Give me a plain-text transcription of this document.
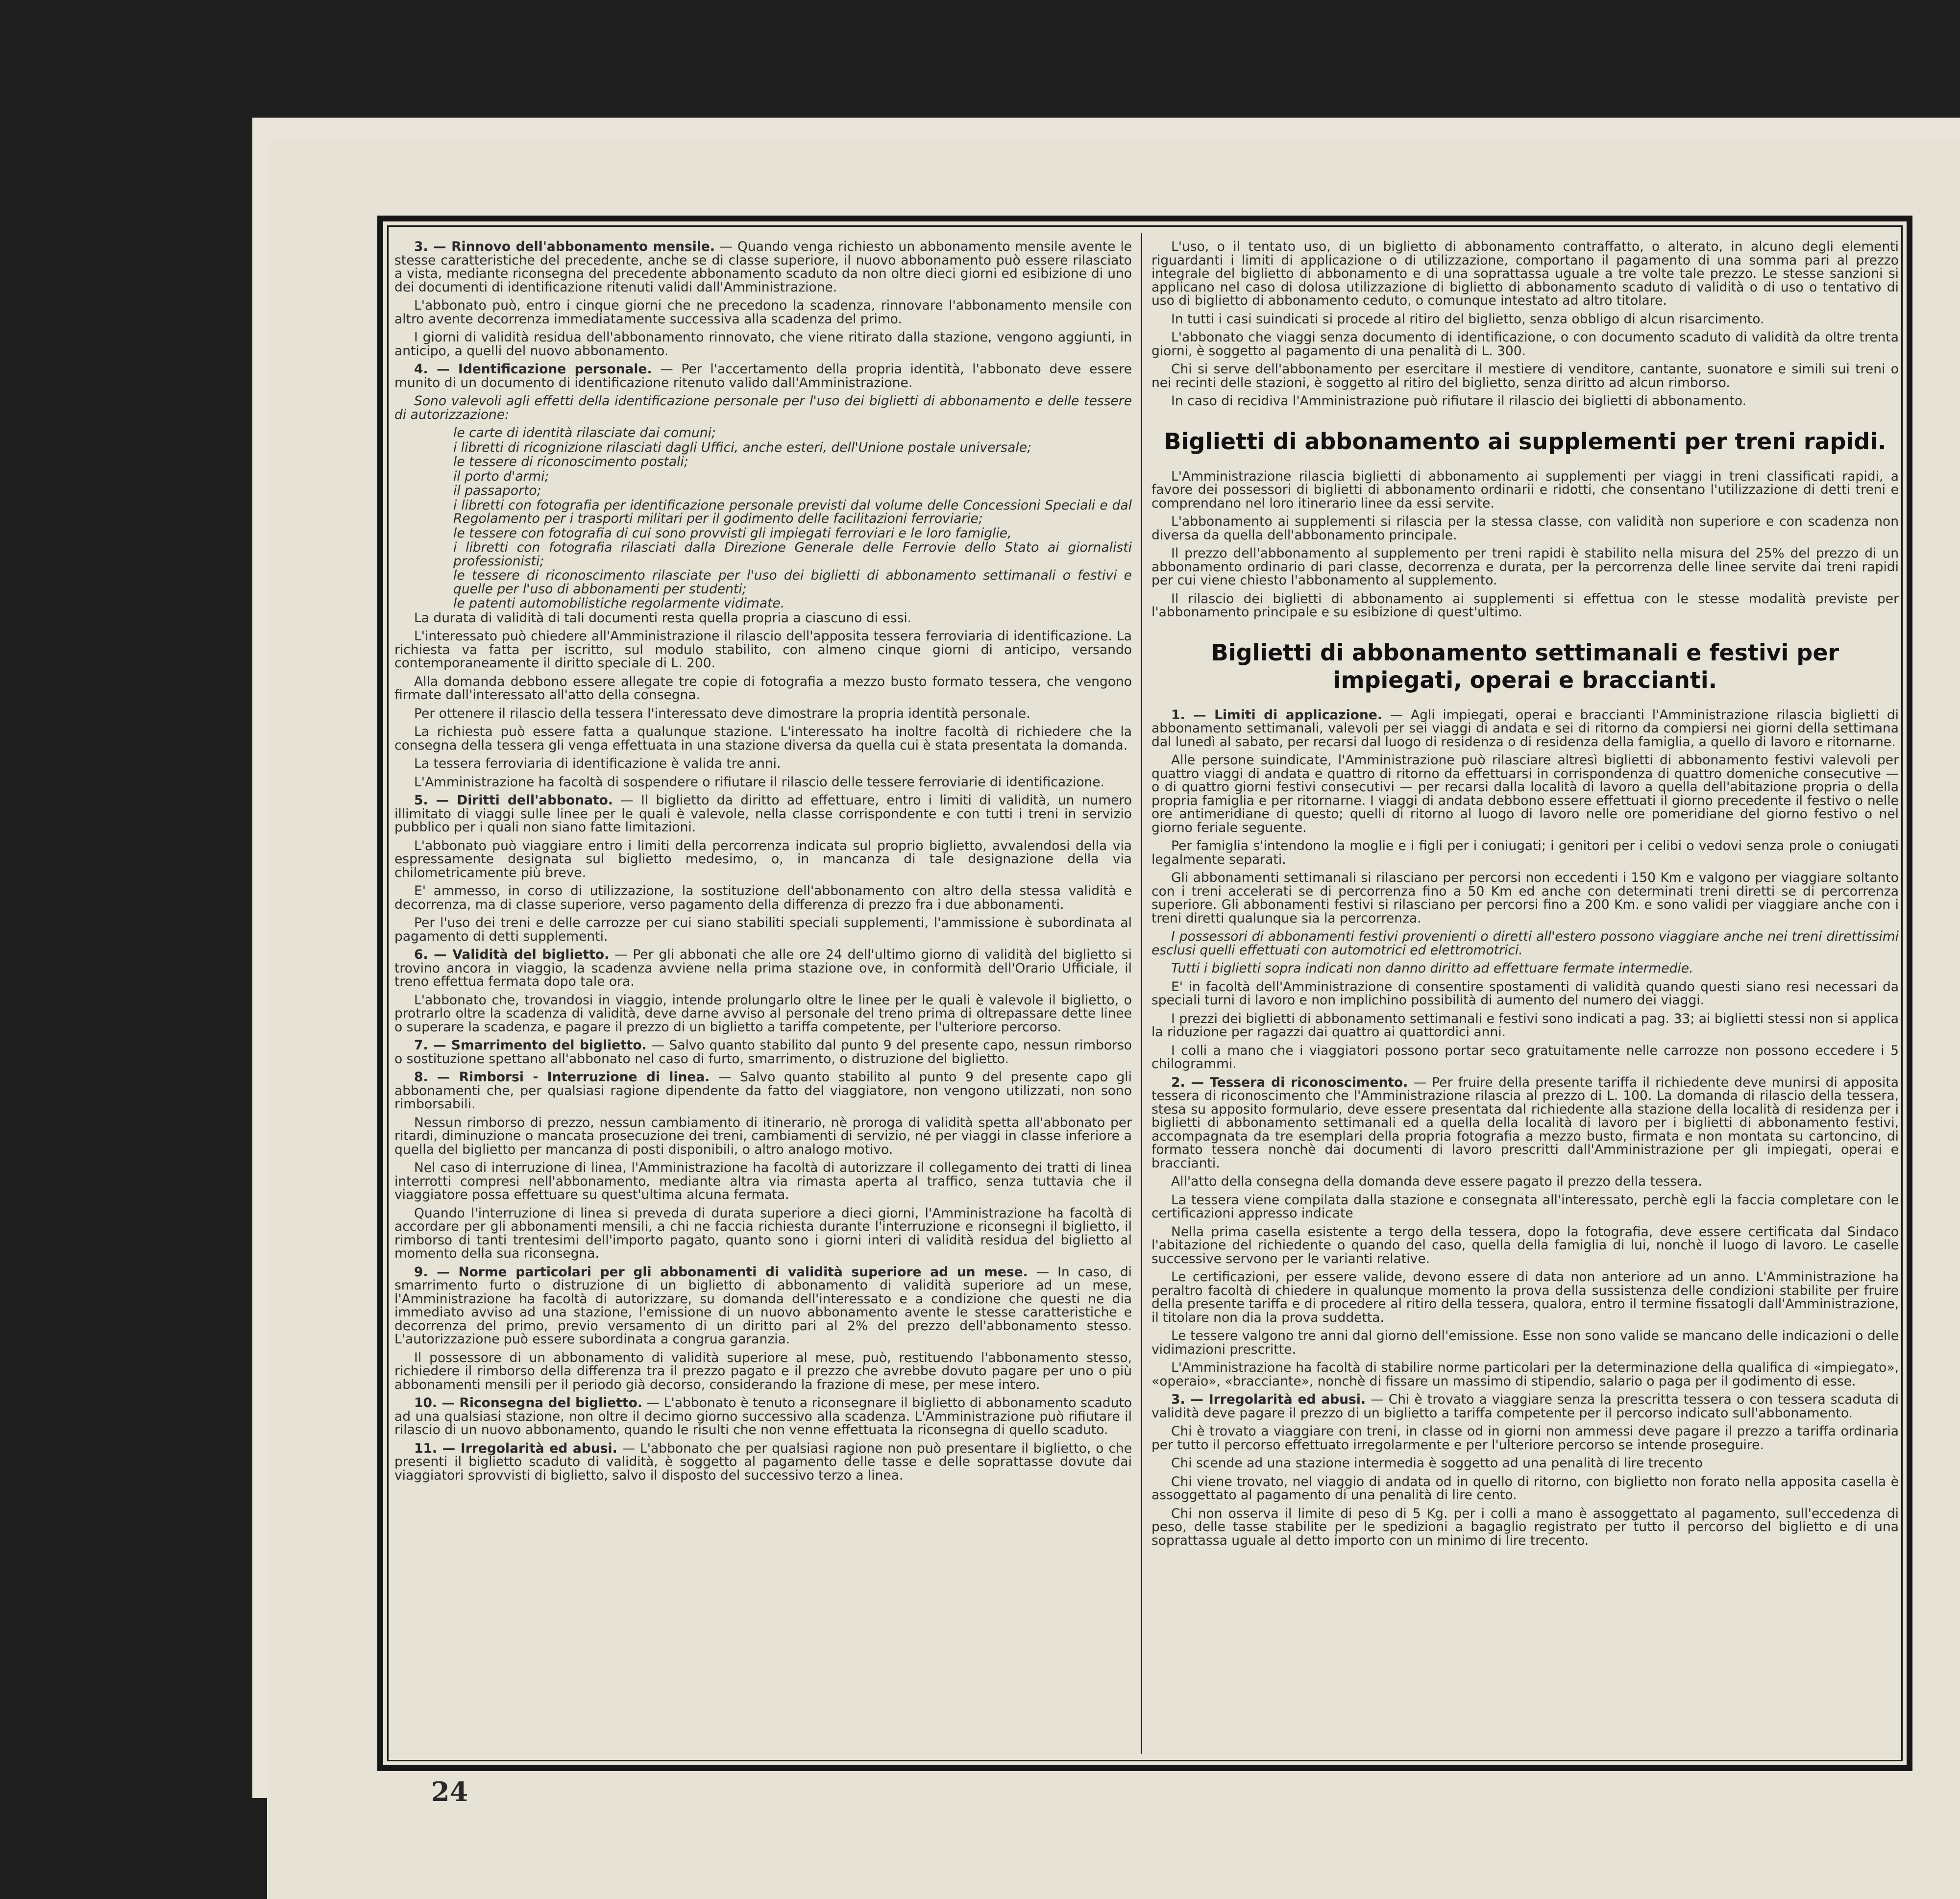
3. — Rinnovo dell'abbonamento mensile. — Quando venga richiesto un abbonamento mensile avente le stesse caratteristiche del precedente, anche se di classe superiore, il nuovo abbonamento può essere rilasciato a vista, mediante riconsegna del precedente abbonamento scaduto da non oltre dieci giorni ed esibizione di uno dei documenti di identificazione ritenuti validi dall'Amministrazione.

L'abbonato può, entro i cinque giorni che ne precedono la scadenza, rinnovare l'abbonamento mensile con altro avente decorrenza immediatamente successiva alla scadenza del primo.

I giorni di validità residua dell'abbonamento rinnovato, che viene ritirato dalla stazione, vengono aggiunti, in anticipo, a quelli del nuovo abbonamento.

4. — Identificazione personale. — Per l'accertamento della propria identità, l'abbonato deve essere munito di un documento di identificazione ritenuto valido dall'Amministrazione.

Sono valevoli agli effetti della identificazione personale per l'uso dei biglietti di abbonamento e delle tessere di autorizzazione:

le carte di identità rilasciate dai comuni;

i libretti di ricognizione rilasciati dagli Uffici, anche esteri, dell'Unione postale universale;

le tessere di riconoscimento postali;

il porto d'armi;

il passaporto;

i libretti con fotografia per identificazione personale previsti dal volume delle Concessioni Speciali e dal Regolamento per i trasporti militari per il godimento delle facilitazioni ferroviarie;

le tessere con fotografia di cui sono provvisti gli impiegati ferroviari e le loro famiglie,

i libretti con fotografia rilasciati dalla Direzione Generale delle Ferrovie dello Stato ai giornalisti professionisti;

le tessere di riconoscimento rilasciate per l'uso dei biglietti di abbonamento settimanali o festivi e quelle per l'uso di abbonamenti per studenti;

le patenti automobilistiche regolarmente vidimate.

La durata di validità di tali documenti resta quella propria a ciascuno di essi.

L'interessato può chiedere all'Amministrazione il rilascio dell'apposita tessera ferroviaria di identificazione. La richiesta va fatta per iscritto, sul modulo stabilito, con almeno cinque giorni di anticipo, versando contemporaneamente il diritto speciale di L. 200.

Alla domanda debbono essere allegate tre copie di fotografia a mezzo busto formato tessera, che vengono firmate dall'interessato all'atto della consegna.

Per ottenere il rilascio della tessera l'interessato deve dimostrare la propria identità personale.

La richiesta può essere fatta a qualunque stazione. L'interessato ha inoltre facoltà di richiedere che la consegna della tessera gli venga effettuata in una stazione diversa da quella cui è stata presentata la domanda.

La tessera ferroviaria di identificazione è valida tre anni.

L'Amministrazione ha facoltà di sospendere o rifiutare il rilascio delle tessere ferroviarie di identificazione.

5. — Diritti dell'abbonato. — Il biglietto da diritto ad effettuare, entro i limiti di validità, un numero illimitato di viaggi sulle linee per le quali è valevole, nella classe corrispondente e con tutti i treni in servizio pubblico per i quali non siano fatte limitazioni.

L'abbonato può viaggiare entro i limiti della percorrenza indicata sul proprio biglietto, avvalendosi della via espressamente designata sul biglietto medesimo, o, in mancanza di tale designazione della via chilometricamente più breve.

E' ammesso, in corso di utilizzazione, la sostituzione dell'abbonamento con altro della stessa validità e decorrenza, ma di classe superiore, verso pagamento della differenza di prezzo fra i due abbonamenti.

Per l'uso dei treni e delle carrozze per cui siano stabiliti speciali supplementi, l'ammissione è subordinata al pagamento di detti supplementi.

6. — Validità del biglietto. — Per gli abbonati che alle ore 24 dell'ultimo giorno di validità del biglietto si trovino ancora in viaggio, la scadenza avviene nella prima stazione ove, in conformità dell'Orario Ufficiale, il treno effettua fermata dopo tale ora.

L'abbonato che, trovandosi in viaggio, intende prolungarlo oltre le linee per le quali è valevole il biglietto, o protrarlo oltre la scadenza di validità, deve darne avviso al personale del treno prima di oltrepassare dette linee o superare la scadenza, e pagare il prezzo di un biglietto a tariffa competente, per l'ulteriore percorso.

7. — Smarrimento del biglietto. — Salvo quanto stabilito dal punto 9 del presente capo, nessun rimborso o sostituzione spettano all'abbonato nel caso di furto, smarrimento, o distruzione del biglietto.

8. — Rimborsi - Interruzione di linea. — Salvo quanto stabilito al punto 9 del presente capo gli abbonamenti che, per qualsiasi ragione dipendente da fatto del viaggiatore, non vengono utilizzati, non sono rimborsabili.

Nessun rimborso di prezzo, nessun cambiamento di itinerario, nè proroga di validità spetta all'abbonato per ritardi, diminuzione o mancata prosecuzione dei treni, cambiamenti di servizio, né per viaggi in classe inferiore a quella del biglietto per mancanza di posti disponibili, o altro analogo motivo.

Nel caso di interruzione di linea, l'Amministrazione ha facoltà di autorizzare il collegamento dei tratti di linea interrotti compresi nell'abbonamento, mediante altra via rimasta aperta al traffico, senza tuttavia che il viaggiatore possa effettuare su quest'ultima alcuna fermata.

Quando l'interruzione di linea si preveda di durata superiore a dieci giorni, l'Amministrazione ha facoltà di accordare per gli abbonamenti mensili, a chi ne faccia richiesta durante l'interruzione e riconsegni il biglietto, il rimborso di tanti trentesimi dell'importo pagato, quanto sono i giorni interi di validità residua del biglietto al momento della sua riconsegna.

9. — Norme particolari per gli abbonamenti di validità superiore ad un mese. — In caso, di smarrimento furto o distruzione di un biglietto di abbonamento di validità superiore ad un mese, l'Amministrazione ha facoltà di autorizzare, su domanda dell'interessato e a condizione che questi ne dia immediato avviso ad una stazione, l'emissione di un nuovo abbonamento avente le stesse caratteristiche e decorrenza del primo, previo versamento di un diritto pari al 2% del prezzo dell'abbonamento stesso. L'autorizzazione può essere subordinata a congrua garanzia.

Il possessore di un abbonamento di validità superiore al mese, può, restituendo l'abbonamento stesso, richiedere il rimborso della differenza tra il prezzo pagato e il prezzo che avrebbe dovuto pagare per uno o più abbonamenti mensili per il periodo già decorso, considerando la frazione di mese, per mese intero.

10. — Riconsegna del biglietto. — L'abbonato è tenuto a riconsegnare il biglietto di abbonamento scaduto ad una qualsiasi stazione, non oltre il decimo giorno successivo alla scadenza. L'Amministrazione può rifiutare il rilascio di un nuovo abbonamento, quando le risulti che non venne effettuata la riconsegna di quello scaduto.

11. — Irregolarità ed abusi. — L'abbonato che per qualsiasi ragione non può presentare il biglietto, o che presenti il biglietto scaduto di validità, è soggetto al pagamento delle tasse e delle soprattasse dovute dai viaggiatori sprovvisti di biglietto, salvo il disposto del successivo terzo a linea.

L'uso, o il tentato uso, di un biglietto di abbonamento contraffatto, o alterato, in alcuno degli elementi riguardanti i limiti di applicazione o di utilizzazione, comportano il pagamento di una somma pari al prezzo integrale del biglietto di abbonamento e di una soprattassa uguale a tre volte tale prezzo. Le stesse sanzioni si applicano nel caso di dolosa utilizzazione di biglietto di abbonamento scaduto di validità o di uso o tentativo di uso di biglietto di abbonamento ceduto, o comunque intestato ad altro titolare.

In tutti i casi suindicati si procede al ritiro del biglietto, senza obbligo di alcun risarcimento.

L'abbonato che viaggi senza documento di identificazione, o con documento scaduto di validità da oltre trenta giorni, è soggetto al pagamento di una penalità di L. 300.

Chi si serve dell'abbonamento per esercitare il mestiere di venditore, cantante, suonatore e simili sui treni o nei recinti delle stazioni, è soggetto al ritiro del biglietto, senza diritto ad alcun rimborso.

In caso di recidiva l'Amministrazione può rifiutare il rilascio dei biglietti di abbonamento.

Biglietti di abbonamento ai supplementi per treni rapidi.

L'Amministrazione rilascia biglietti di abbonamento ai supplementi per viaggi in treni classificati rapidi, a favore dei possessori di biglietti di abbonamento ordinarii e ridotti, che consentano l'utilizzazione di detti treni e comprendano nel loro itinerario linee da essi servite.

L'abbonamento ai supplementi si rilascia per la stessa classe, con validità non superiore e con scadenza non diversa da quella dell'abbonamento principale.

Il prezzo dell'abbonamento al supplemento per treni rapidi è stabilito nella misura del 25% del prezzo di un abbonamento ordinario di pari classe, decorrenza e durata, per la percorrenza delle linee servite dai treni rapidi per cui viene chiesto l'abbonamento al supplemento.

Il rilascio dei biglietti di abbonamento ai supplementi si effettua con le stesse modalità previste per l'abbonamento principale e su esibizione di quest'ultimo.

Biglietti di abbonamento settimanali e festivi per impiegati, operai e braccianti.

1. — Limiti di applicazione. — Agli impiegati, operai e braccianti l'Amministrazione rilascia biglietti di abbonamento settimanali, valevoli per sei viaggi di andata e sei di ritorno da compiersi nei giorni della settimana dal lunedì al sabato, per recarsi dal luogo di residenza o di residenza della famiglia, a quello di lavoro e ritornarne.

Alle persone suindicate, l'Amministrazione può rilasciare altresì biglietti di abbonamento festivi valevoli per quattro viaggi di andata e quattro di ritorno da effettuarsi in corrispondenza di quattro domeniche consecutive — o di quattro giorni festivi consecutivi — per recarsi dalla località di lavoro a quella dell'abitazione propria o della propria famiglia e per ritornarne. I viaggi di andata debbono essere effettuati il giorno precedente il festivo o nelle ore antimeridiane di questo; quelli di ritorno al luogo di lavoro nelle ore pomeridiane del giorno festivo o nel giorno feriale seguente.

Per famiglia s'intendono la moglie e i figli per i coniugati; i genitori per i celibi o vedovi senza prole o coniugati legalmente separati.

Gli abbonamenti settimanali si rilasciano per percorsi non eccedenti i 150 Km e valgono per viaggiare soltanto con i treni accelerati se di percorrenza fino a 50 Km ed anche con determinati treni diretti se di percorrenza superiore. Gli abbonamenti festivi si rilasciano per percorsi fino a 200 Km. e sono validi per viaggiare anche con i treni diretti qualunque sia la percorrenza.

I possessori di abbonamenti festivi provenienti o diretti all'estero possono viaggiare anche nei treni direttissimi esclusi quelli effettuati con automotrici ed elettromotrici.

Tutti i biglietti sopra indicati non danno diritto ad effettuare fermate intermedie.

E' in facoltà dell'Amministrazione di consentire spostamenti di validità quando questi siano resi necessari da speciali turni di lavoro e non implichino possibilità di aumento del numero dei viaggi.

I prezzi dei biglietti di abbonamento settimanali e festivi sono indicati a pag. 33; ai biglietti stessi non si applica la riduzione per ragazzi dai quattro ai quattordici anni.

I colli a mano che i viaggiatori possono portar seco gratuitamente nelle carrozze non possono eccedere i 5 chilogrammi.

2. — Tessera di riconoscimento. — Per fruire della presente tariffa il richiedente deve munirsi di apposita tessera di riconoscimento che l'Amministrazione rilascia al prezzo di L. 100. La domanda di rilascio della tessera, stesa su apposito formulario, deve essere presentata dal richiedente alla stazione della località di residenza per i biglietti di abbonamento settimanali ed a quella della località di lavoro per i biglietti di abbonamento festivi, accompagnata da tre esemplari della propria fotografia a mezzo busto, firmata e non montata su cartoncino, di formato tessera nonchè dai documenti di lavoro prescritti dall'Amministrazione per gli impiegati, operai e braccianti.

All'atto della consegna della domanda deve essere pagato il prezzo della tessera.

La tessera viene compilata dalla stazione e consegnata all'interessato, perchè egli la faccia completare con le certificazioni appresso indicate

Nella prima casella esistente a tergo della tessera, dopo la fotografia, deve essere certificata dal Sindaco l'abitazione del richiedente o quando del caso, quella della famiglia di lui, nonchè il luogo di lavoro. Le caselle successive servono per le varianti relative.

Le certificazioni, per essere valide, devono essere di data non anteriore ad un anno. L'Amministrazione ha peraltro facoltà di chiedere in qualunque momento la prova della sussistenza delle condizioni stabilite per fruire della presente tariffa e di procedere al ritiro della tessera, qualora, entro il termine fissatogli dall'Amministrazione, il titolare non dia la prova suddetta.

Le tessere valgono tre anni dal giorno dell'emissione. Esse non sono valide se mancano delle indicazioni o delle vidimazioni prescritte.

L'Amministrazione ha facoltà di stabilire norme particolari per la determinazione della qualifica di «impiegato», «operaio», «bracciante», nonchè di fissare un massimo di stipendio, salario o paga per il godimento di esse.

3. — Irregolarità ed abusi. — Chi è trovato a viaggiare senza la prescritta tessera o con tessera scaduta di validità deve pagare il prezzo di un biglietto a tariffa competente per il percorso indicato sull'abbonamento.

Chi è trovato a viaggiare con treni, in classe od in giorni non ammessi deve pagare il prezzo a tariffa ordinaria per tutto il percorso effettuato irregolarmente e per l'ulteriore percorso se intende proseguire.

Chi scende ad una stazione intermedia è soggetto ad una penalità di lire trecento

Chi viene trovato, nel viaggio di andata od in quello di ritorno, con biglietto non forato nella apposita casella è assoggettato al pagamento di una penalità di lire cento.

Chi non osserva il limite di peso di 5 Kg. per i colli a mano è assoggettato al pagamento, sull'eccedenza di peso, delle tasse stabilite per le spedizioni a bagaglio registrato per tutto il percorso del biglietto e di una soprattassa uguale al detto importo con un minimo di lire trecento.

24
